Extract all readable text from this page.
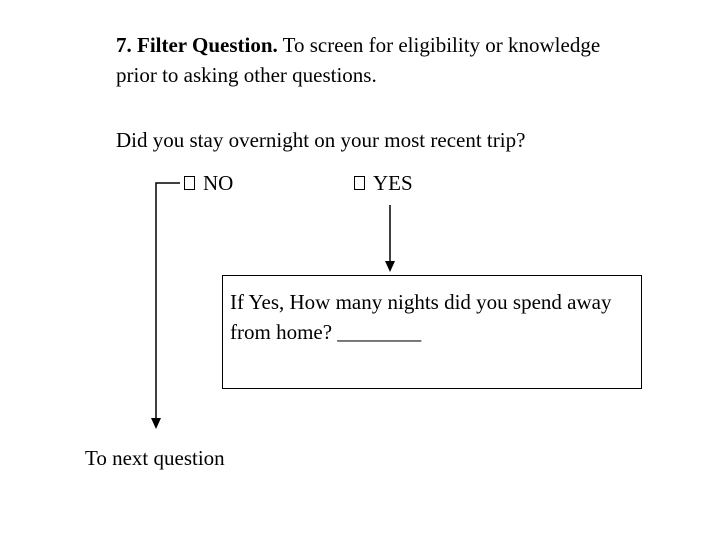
7. Filter Question. To screen for eligibility or knowledge prior to asking other questions.
Did you stay overnight on your most recent trip?
NO	YES
If Yes, How many nights did you spend away from home? ________
To next question
